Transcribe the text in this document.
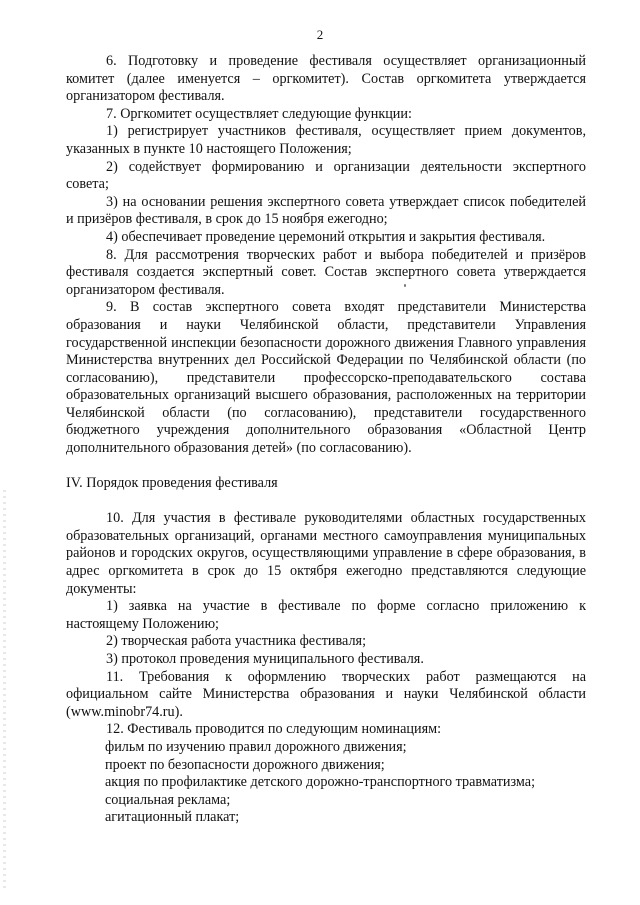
2

6. Подготовку и проведение фестиваля осуществляет организационный комитет (далее именуется – оргкомитет). Состав оргкомитета утверждается организатором фестиваля.

7. Оргкомитет осуществляет следующие функции:

1) регистрирует участников фестиваля, осуществляет прием документов, указанных в пункте 10 настоящего Положения;

2) содействует формированию и организации деятельности экспертного совета;

3) на основании решения экспертного совета утверждает список победителей и призёров фестиваля, в срок до 15 ноября ежегодно;

4) обеспечивает проведение церемоний открытия и закрытия фестиваля.

8. Для рассмотрения творческих работ и выбора победителей и призёров фестиваля создается экспертный совет. Состав экспертного совета утверждается организатором фестиваля.

9. В состав экспертного совета входят представители Министерства образования и науки Челябинской области, представители Управления государственной инспекции безопасности дорожного движения Главного управления Министерства внутренних дел Российской Федерации по Челябинской области (по согласованию), представители профессорско-преподавательского состава образовательных организаций высшего образования, расположенных на территории Челябинской области (по согласованию), представители государственного бюджетного учреждения дополнительного образования «Областной Центр дополнительного образования детей» (по согласованию).

IV. Порядок проведения фестиваля

10. Для участия в фестивале руководителями областных государственных образовательных организаций, органами местного самоуправления муниципальных районов и городских округов, осуществляющими управление в сфере образования, в адрес оргкомитета в срок до 15 октября ежегодно представляются следующие документы:

1) заявка на участие в фестивале по форме согласно приложению к настоящему Положению;

2) творческая работа участника фестиваля;

3) протокол проведения муниципального фестиваля.

11. Требования к оформлению творческих работ размещаются на официальном сайте Министерства образования и науки Челябинской области (www.minobr74.ru).

12. Фестиваль проводится по следующим номинациям:

фильм по изучению правил дорожного движения;

проект по безопасности дорожного движения;

акция по профилактике детского дорожно-транспортного травматизма;

социальная реклама;

агитационный плакат;
